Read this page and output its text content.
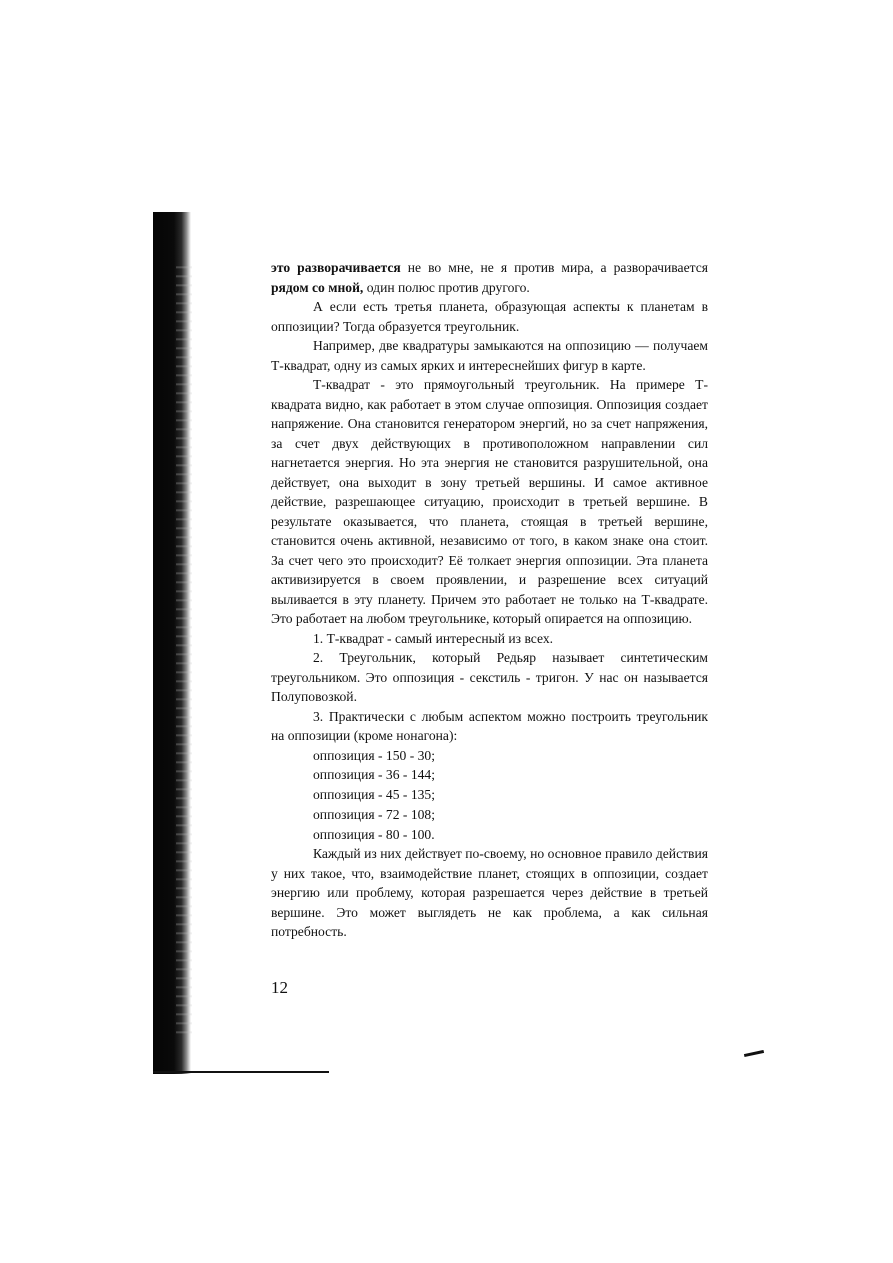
это разворачивается не во мне, не я против мира, а разворачивается рядом со мной, один полюс против другого.

А если есть третья планета, образующая аспекты к планетам в оппозиции? Тогда образуется треугольник.

Например, две квадратуры замыкаются на оппозицию — получаем Т-квадрат, одну из самых ярких и интереснейших фигур в карте.

Т-квадрат - это прямоугольный треугольник. На примере Т-квадрата видно, как работает в этом случае оппозиция. Оппозиция создает напряжение. Она становится генератором энергий, но за счет напряжения, за счет двух действующих в противоположном направлении сил нагнетается энергия. Но эта энергия не становится разрушительной, она действует, она выходит в зону третьей вершины. И самое активное действие, разрешающее ситуацию, происходит в третьей вершине. В результате оказывается, что планета, стоящая в третьей вершине, становится очень активной, независимо от того, в каком знаке она стоит. За счет чего это происходит? Её толкает энергия оппозиции. Эта планета активизируется в своем проявлении, и разрешение всех ситуаций выливается в эту планету. Причем это работает не только на Т-квадрате. Это работает на любом треугольнике, который опирается на оппозицию.

1. Т-квадрат - самый интересный из всех.

2. Треугольник, который Редьяр называет синтетическим треугольником. Это оппозиция - секстиль - тригон. У нас он называется Полуповозкой.

3. Практически с любым аспектом можно построить треугольник на оппозиции (кроме нонагона):

оппозиция - 150 - 30;
оппозиция - 36 - 144;
оппозиция - 45 - 135;
оппозиция - 72 - 108;
оппозиция - 80 - 100.

Каждый из них действует по-своему, но основное правило действия у них такое, что, взаимодействие планет, стоящих в оппозиции, создает энергию или проблему, которая разрешается через действие в третьей вершине. Это может выглядеть не как проблема, а как сильная потребность.

12
